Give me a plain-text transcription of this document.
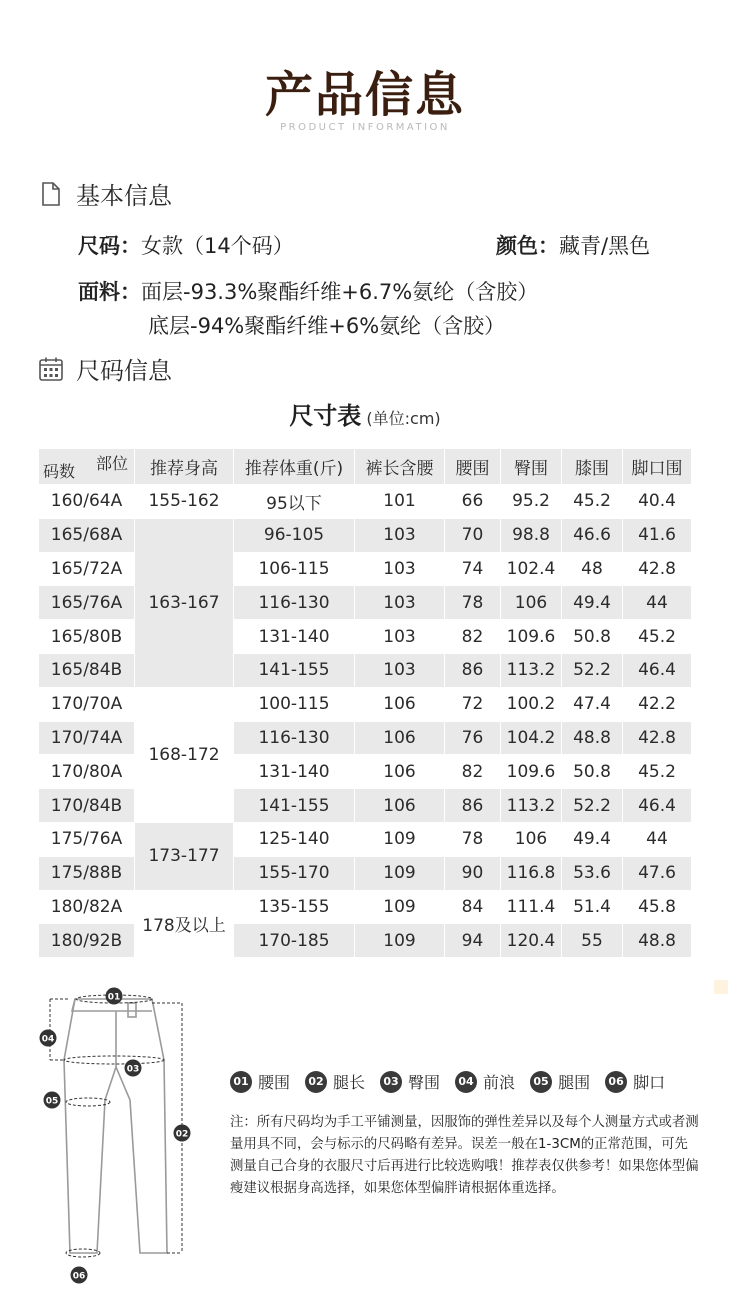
产品信息
PRODUCT INFORMATION
基本信息
尺码：女款（14个码）	颜色：藏青/黑色
面料：面层-93.3%聚酯纤维+6.7%氨纶（含胶）
底层-94%聚酯纤维+6%氨纶（含胶）
尺码信息
尺寸表 (单位:cm)
部位
码数	推荐身高	推荐体重(斤)	裤长含腰	腰围	臀围	膝围	脚口围
160/64A	155-162	95以下	101	66	95.2	45.2	40.4
165/68A	163-167	96-105	103	70	98.8	46.6	41.6
165/72A		106-115	103	74	102.4	48	42.8
165/76A		116-130	103	78	106	49.4	44
165/80B		131-140	103	82	109.6	50.8	45.2
165/84B		141-155	103	86	113.2	52.2	46.4
170/70A	168-172	100-115	106	72	100.2	47.4	42.2
170/74A		116-130	106	76	104.2	48.8	42.8
170/80A		131-140	106	82	109.6	50.8	45.2
170/84B		141-155	106	86	113.2	52.2	46.4
175/76A	173-177	125-140	109	78	106	49.4	44
175/88B		155-170	109	90	116.8	53.6	47.6
180/82A	178及以上	135-155	109	84	111.4	51.4	45.8
180/92B		170-185	109	94	120.4	55	48.8
01
02
03
04
05
06
01 腰围	02 腿长	03 臀围	04 前浪	05 腿围	06 脚口
注：所有尺码均为手工平铺测量，因服饰的弹性差异以及每个人测量方式或者测量用具不同，会与标示的尺码略有差异。误差一般在1-3CM的正常范围，可先测量自己合身的衣服尺寸后再进行比较选购哦！推荐表仅供参考！如果您体型偏瘦建议根据身高选择，如果您体型偏胖请根据体重选择。
